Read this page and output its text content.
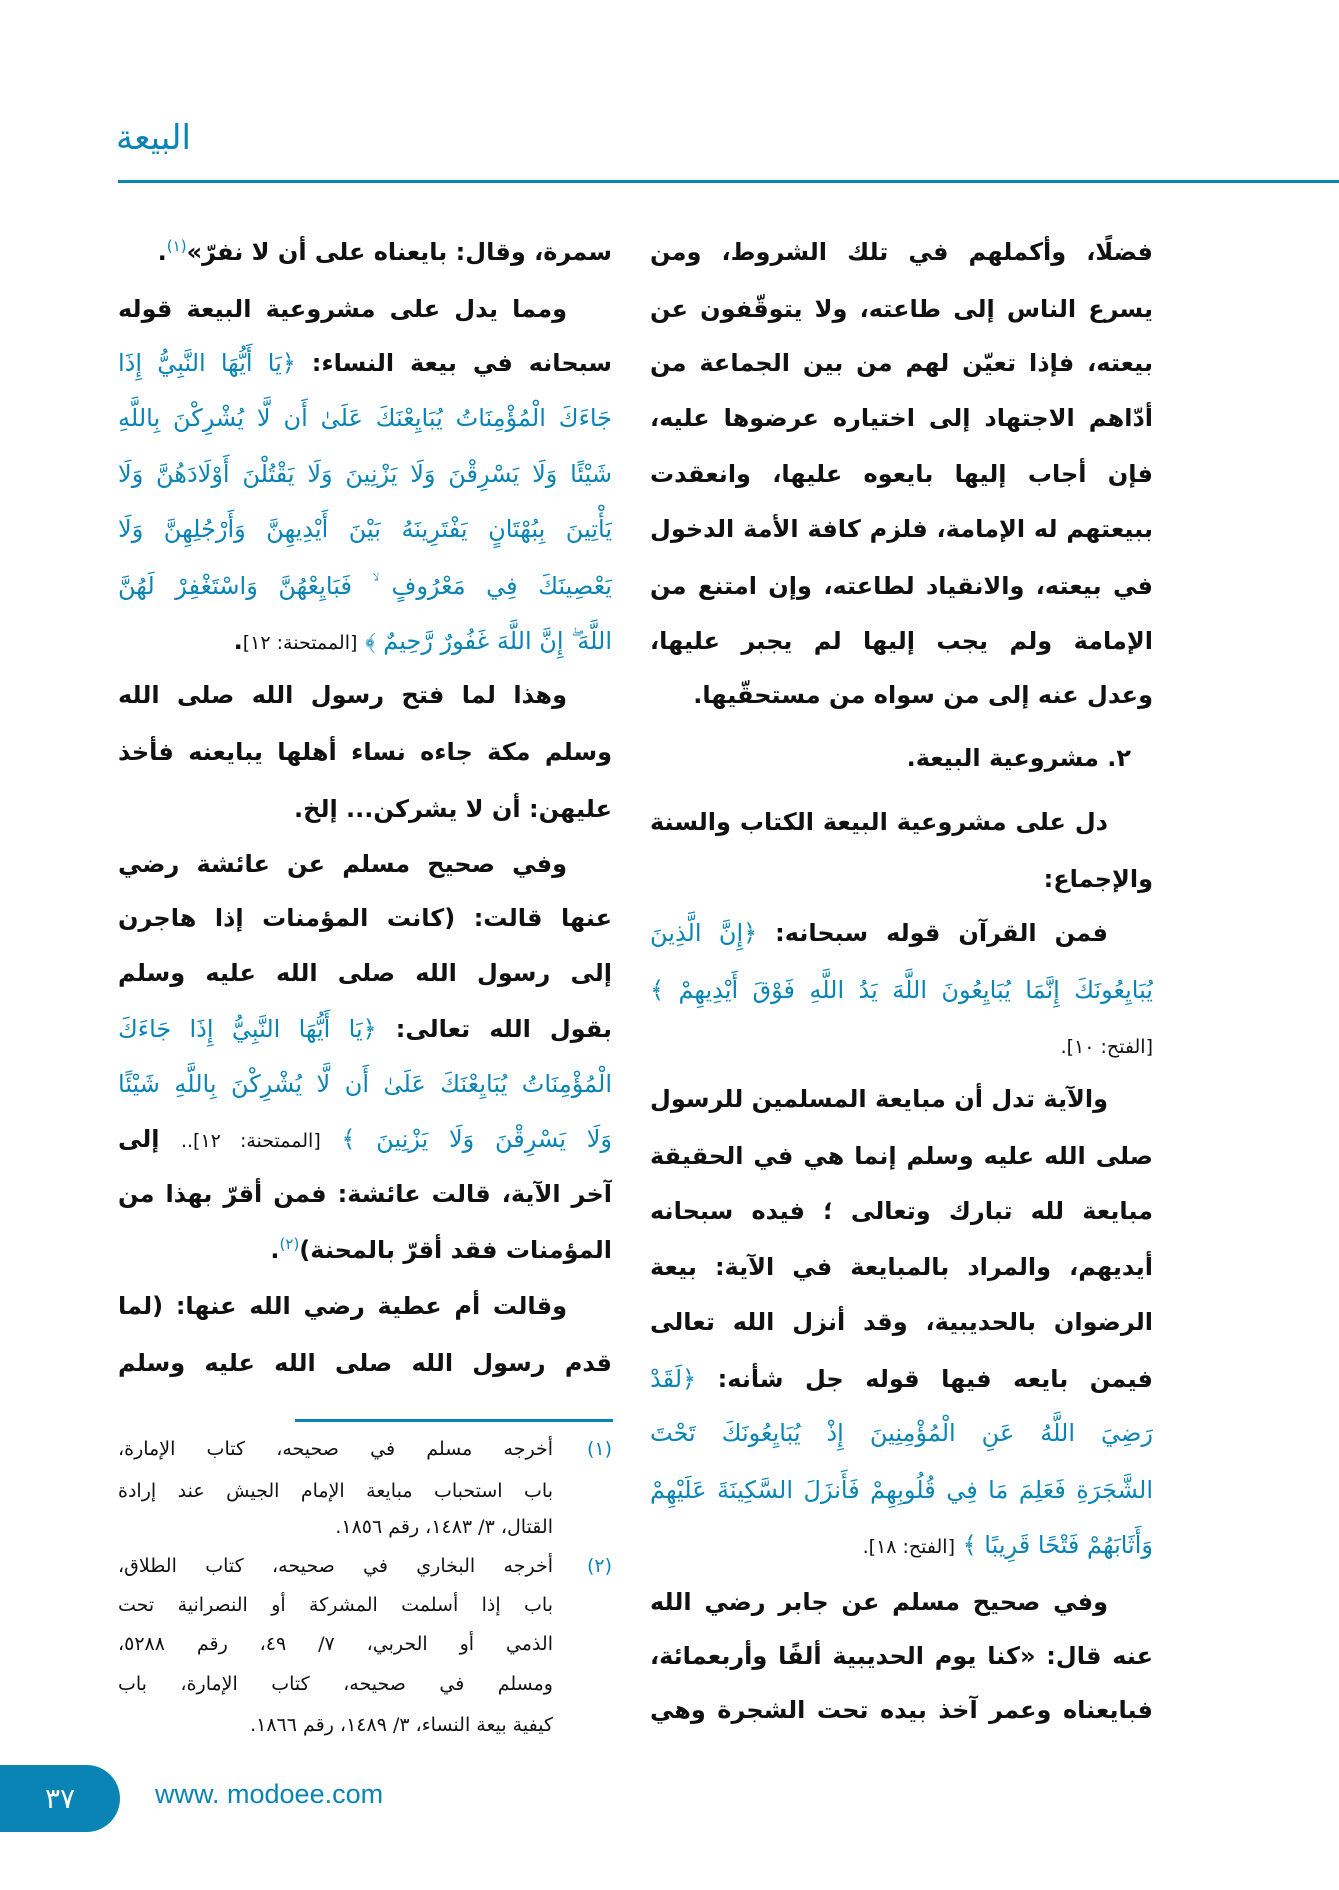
البيعة
فضلًا، وأكملهم في تلك الشروط، ومن
يسرع الناس إلى طاعته، ولا يتوقّفون عن
بيعته، فإذا تعيّن لهم من بين الجماعة من
أدّاهم الاجتهاد إلى اختياره عرضوها عليه،
فإن أجاب إليها بايعوه عليها، وانعقدت
ببيعتهم له الإمامة، فلزم كافة الأمة الدخول
في بيعته، والانقياد لطاعته، وإن امتنع من
الإمامة ولم يجب إليها لم يجبر عليها،
وعدل عنه إلى من سواه من مستحقّيها.
٢. مشروعية البيعة.
دل على مشروعية البيعة الكتاب والسنة
والإجماع:
فمن القرآن قوله سبحانه: ﴿إِنَّ الَّذِينَ
يُبَايِعُونَكَ إِنَّمَا يُبَايِعُونَ اللَّهَ يَدُ اللَّهِ فَوْقَ أَيْدِيهِمْ ﴾
[الفتح: ١٠].
والآية تدل أن مبايعة المسلمين للرسول
صلى الله عليه وسلم إنما هي في الحقيقة
مبايعة لله تبارك وتعالى ؛ فيده سبحانه
أيديهم، والمراد بالمبايعة في الآية: بيعة
الرضوان بالحديبية، وقد أنزل الله تعالى
فيمن بايعه فيها قوله جل شأنه: ﴿لَقَدْ
رَضِيَ اللَّهُ عَنِ الْمُؤْمِنِينَ إِذْ يُبَايِعُونَكَ تَحْتَ
الشَّجَرَةِ فَعَلِمَ مَا فِي قُلُوبِهِمْ فَأَنزَلَ السَّكِينَةَ عَلَيْهِمْ
وَأَثَابَهُمْ فَتْحًا قَرِيبًا ﴾ [الفتح: ١٨].
وفي صحيح مسلم عن جابر رضي الله
عنه قال: «كنا يوم الحديبية ألفًا وأربعمائة،
فبايعناه وعمر آخذ بيده تحت الشجرة وهي
سمرة، وقال: بايعناه على أن لا نفرّ»$^{(١)}$.
ومما يدل على مشروعية البيعة قوله
سبحانه في بيعة النساء: ﴿يَا أَيُّهَا النَّبِيُّ إِذَا
جَاءَكَ الْمُؤْمِنَاتُ يُبَايِعْنَكَ عَلَىٰ أَن لَّا يُشْرِكْنَ بِاللَّهِ
شَيْئًا وَلَا يَسْرِقْنَ وَلَا يَزْنِينَ وَلَا يَقْتُلْنَ أَوْلَادَهُنَّ وَلَا
يَأْتِينَ بِبُهْتَانٍ يَفْتَرِينَهُ بَيْنَ أَيْدِيهِنَّ وَأَرْجُلِهِنَّ وَلَا
يَعْصِينَكَ فِي مَعْرُوفٍ ۙ فَبَايِعْهُنَّ وَاسْتَغْفِرْ لَهُنَّ
اللَّهَ ۖ إِنَّ اللَّهَ غَفُورٌ رَّحِيمٌ ﴾ [الممتحنة: ١٢].
وهذا لما فتح رسول الله صلى الله
وسلم مكة جاءه نساء أهلها يبايعنه فأخذ
عليهن: أن لا يشركن... إلخ.
وفي صحيح مسلم عن عائشة رضي
عنها قالت: (كانت المؤمنات إذا هاجرن
إلى رسول الله صلى الله عليه وسلم
بقول الله تعالى: ﴿يَا أَيُّهَا النَّبِيُّ إِذَا جَاءَكَ
الْمُؤْمِنَاتُ يُبَايِعْنَكَ عَلَىٰ أَن لَّا يُشْرِكْنَ بِاللَّهِ شَيْئًا
وَلَا يَسْرِقْنَ وَلَا يَزْنِينَ ﴾ [الممتحنة: ١٢].. إلى
آخر الآية، قالت عائشة: فمن أقرّ بهذا من
المؤمنات فقد أقرّ بالمحنة)$^{(٢)}$.
وقالت أم عطية رضي الله عنها: (لما
قدم رسول الله صلى الله عليه وسلم
(١)
أخرجه مسلم في صحيحه، كتاب الإمارة،
باب استحباب مبايعة الإمام الجيش عند إرادة
القتال، ٣/ ١٤٨٣، رقم ١٨٥٦.
(٢)
أخرجه البخاري في صحيحه، كتاب الطلاق،
باب إذا أسلمت المشركة أو النصرانية تحت
الذمي أو الحربي، ٧/ ٤٩، رقم ٥٢٨٨،
ومسلم في صحيحه، كتاب الإمارة، باب
كيفية بيعة النساء، ٣/ ١٤٨٩، رقم ١٨٦٦.
٣٧	www. modoee.com
